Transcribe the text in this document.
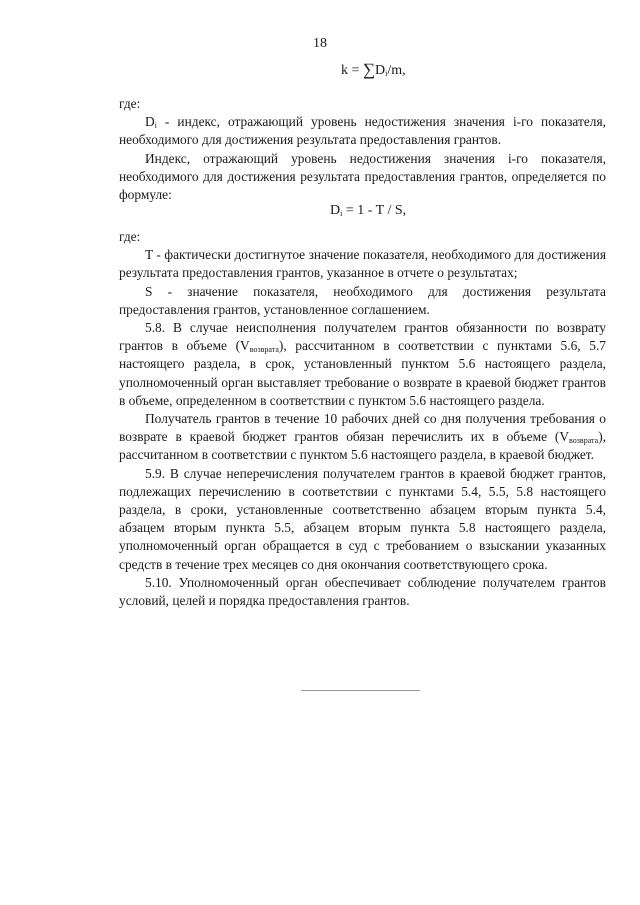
18
$k = \sum D_i/m$,

где:

$D_i$ - индекс, отражающий уровень недостижения значения i-го показателя, необходимого для достижения результата предоставления грантов.

Индекс, отражающий уровень недостижения значения i-го показателя, необходимого для достижения результата предоставления грантов, определяется по формуле:

$D_i = 1 - T / S$,

где:

T - фактически достигнутое значение показателя, необходимого для достижения результата предоставления грантов, указанное в отчете о результатах;

S - значение показателя, необходимого для достижения результата предоставления грантов, установленное соглашением.

5.8. В случае неисполнения получателем грантов обязанности по возврату грантов в объеме $(V_{возврата})$, рассчитанном в соответствии с пунктами 5.6, 5.7 настоящего раздела, в срок, установленный пунктом 5.6 настоящего раздела, уполномоченный орган выставляет требование о возврате в краевой бюджет грантов в объеме, определенном в соответствии с пунктом 5.6 настоящего раздела.

Получатель грантов в течение 10 рабочих дней со дня получения требования о возврате в краевой бюджет грантов обязан перечислить их в объеме $(V_{возврата})$, рассчитанном в соответствии с пунктом 5.6 настоящего раздела, в краевой бюджет.

5.9. В случае неперечисления получателем грантов в краевой бюджет грантов, подлежащих перечислению в соответствии с пунктами 5.4, 5.5, 5.8 настоящего раздела, в сроки, установленные соответственно абзацем вторым пункта 5.4, абзацем вторым пункта 5.5, абзацем вторым пункта 5.8 настоящего раздела, уполномоченный орган обращается в суд с требованием о взыскании указанных средств в течение трех месяцев со дня окончания соответствующего срока.

5.10. Уполномоченный орган обеспечивает соблюдение получателем грантов условий, целей и порядка предоставления грантов.
